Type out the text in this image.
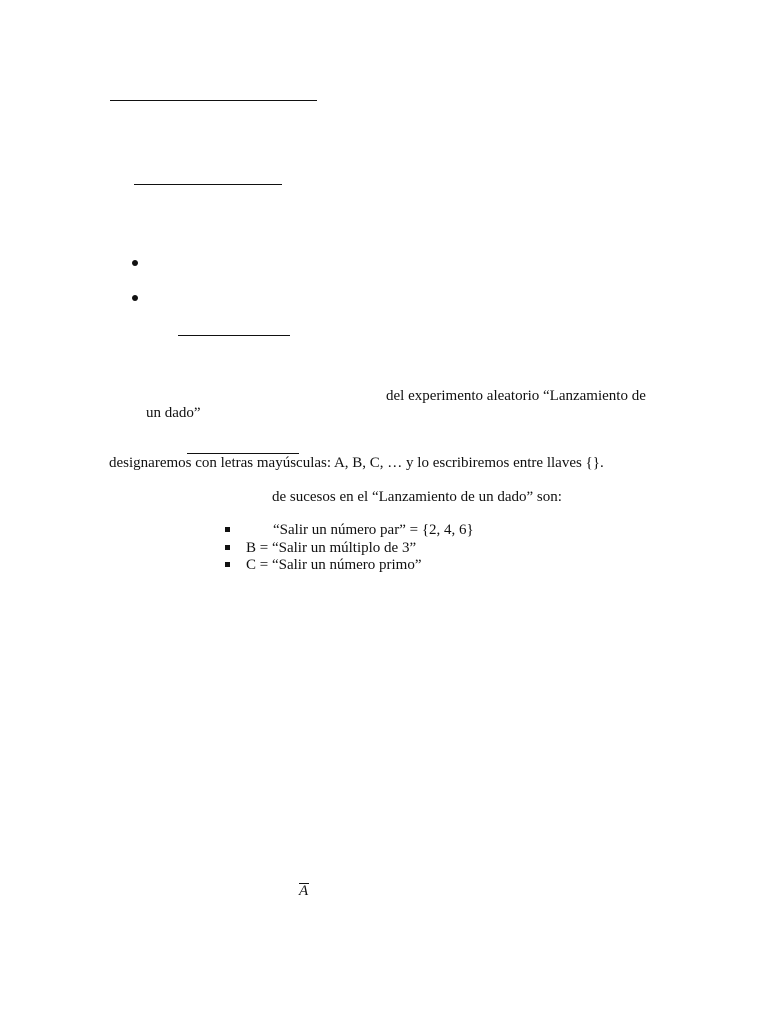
del experimento aleatorio “Lanzamiento de
un dado”
designaremos con letras mayúsculas: A, B, C, … y lo escribiremos entre llaves {}.
de sucesos en el “Lanzamiento de un dado” son:
“Salir un número par” = {2, 4, 6}
B = “Salir un múltiplo de 3”
C = “Salir un número primo”
A
